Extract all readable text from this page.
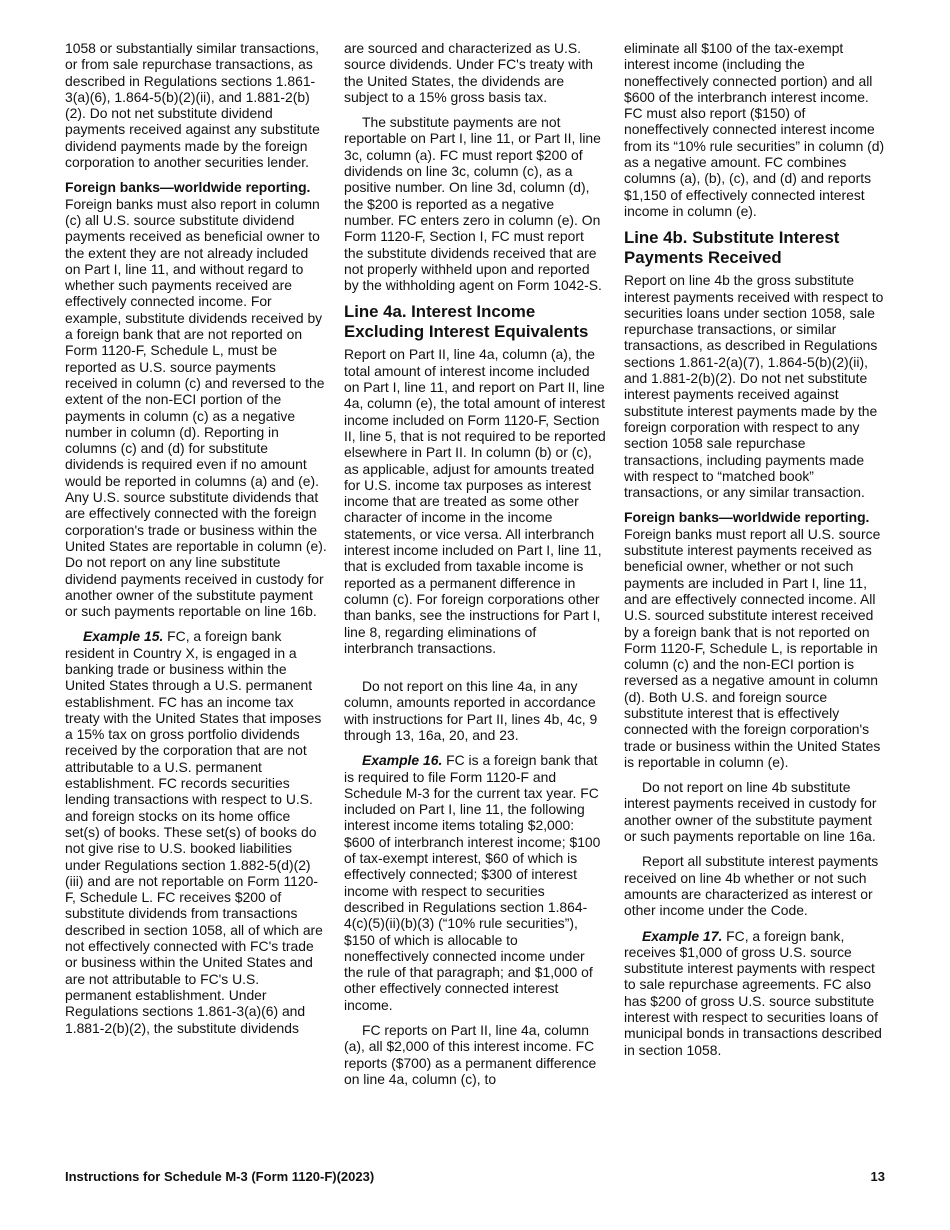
1058 or substantially similar transactions, or from sale repurchase transactions, as described in Regulations sections 1.861-3(a)(6), 1.864-5(b)(2)(ii), and 1.881-2(b)(2). Do not net substitute dividend payments received against any substitute dividend payments made by the foreign corporation to another securities lender.

Foreign banks—worldwide reporting. Foreign banks must also report in column (c) all U.S. source substitute dividend payments received as beneficial owner to the extent they are not already included on Part I, line 11, and without regard to whether such payments received are effectively connected income. For example, substitute dividends received by a foreign bank that are not reported on Form 1120-F, Schedule L, must be reported as U.S. source payments received in column (c) and reversed to the extent of the non-ECI portion of the payments in column (c) as a negative number in column (d). Reporting in columns (c) and (d) for substitute dividends is required even if no amount would be reported in columns (a) and (e). Any U.S. source substitute dividends that are effectively connected with the foreign corporation's trade or business within the United States are reportable in column (e). Do not report on any line substitute dividend payments received in custody for another owner of the substitute payment or such payments reportable on line 16b.

Example 15. FC, a foreign bank resident in Country X, is engaged in a banking trade or business within the United States through a U.S. permanent establishment. FC has an income tax treaty with the United States that imposes a 15% tax on gross portfolio dividends received by the corporation that are not attributable to a U.S. permanent establishment. FC records securities lending transactions with respect to U.S. and foreign stocks on its home office set(s) of books. These set(s) of books do not give rise to U.S. booked liabilities under Regulations section 1.882-5(d)(2)(iii) and are not reportable on Form 1120-F, Schedule L. FC receives $200 of substitute dividends from transactions described in section 1058, all of which are not effectively connected with FC's trade or business within the United States and are not attributable to FC's U.S. permanent establishment. Under Regulations sections 1.861-3(a)(6) and 1.881-2(b)(2), the substitute dividends

are sourced and characterized as U.S. source dividends. Under FC's treaty with the United States, the dividends are subject to a 15% gross basis tax.

The substitute payments are not reportable on Part I, line 11, or Part II, line 3c, column (a). FC must report $200 of dividends on line 3c, column (c), as a positive number. On line 3d, column (d), the $200 is reported as a negative number. FC enters zero in column (e). On Form 1120-F, Section I, FC must report the substitute dividends received that are not properly withheld upon and reported by the withholding agent on Form 1042-S.

Line 4a. Interest Income Excluding Interest Equivalents

Report on Part II, line 4a, column (a), the total amount of interest income included on Part I, line 11, and report on Part II, line 4a, column (e), the total amount of interest income included on Form 1120-F, Section II, line 5, that is not required to be reported elsewhere in Part II. In column (b) or (c), as applicable, adjust for amounts treated for U.S. income tax purposes as interest income that are treated as some other character of income in the income statements, or vice versa. All interbranch interest income included on Part I, line 11, that is excluded from taxable income is reported as a permanent difference in column (c). For foreign corporations other than banks, see the instructions for Part I, line 8, regarding eliminations of interbranch transactions.

Do not report on this line 4a, in any column, amounts reported in accordance with instructions for Part II, lines 4b, 4c, 9 through 13, 16a, 20, and 23.

Example 16. FC is a foreign bank that is required to file Form 1120-F and Schedule M-3 for the current tax year. FC included on Part I, line 11, the following interest income items totaling $2,000: $600 of interbranch interest income; $100 of tax-exempt interest, $60 of which is effectively connected; $300 of interest income with respect to securities described in Regulations section 1.864-4(c)(5)(ii)(b)(3) (“10% rule securities”), $150 of which is allocable to noneffectively connected income under the rule of that paragraph; and $1,000 of other effectively connected interest income.

FC reports on Part II, line 4a, column (a), all $2,000 of this interest income. FC reports ($700) as a permanent difference on line 4a, column (c), to

eliminate all $100 of the tax-exempt interest income (including the noneffectively connected portion) and all $600 of the interbranch interest income. FC must also report ($150) of noneffectively connected interest income from its “10% rule securities” in column (d) as a negative amount. FC combines columns (a), (b), (c), and (d) and reports $1,150 of effectively connected interest income in column (e).

Line 4b. Substitute Interest Payments Received

Report on line 4b the gross substitute interest payments received with respect to securities loans under section 1058, sale repurchase transactions, or similar transactions, as described in Regulations sections 1.861-2(a)(7), 1.864-5(b)(2)(ii), and 1.881-2(b)(2). Do not net substitute interest payments received against substitute interest payments made by the foreign corporation with respect to any section 1058 sale repurchase transactions, including payments made with respect to “matched book” transactions, or any similar transaction.

Foreign banks—worldwide reporting. Foreign banks must report all U.S. source substitute interest payments received as beneficial owner, whether or not such payments are included in Part I, line 11, and are effectively connected income. All U.S. sourced substitute interest received by a foreign bank that is not reported on Form 1120-F, Schedule L, is reportable in column (c) and the non-ECI portion is reversed as a negative amount in column (d). Both U.S. and foreign source substitute interest that is effectively connected with the foreign corporation's trade or business within the United States is reportable in column (e).

Do not report on line 4b substitute interest payments received in custody for another owner of the substitute payment or such payments reportable on line 16a.

Report all substitute interest payments received on line 4b whether or not such amounts are characterized as interest or other income under the Code.

Example 17. FC, a foreign bank, receives $1,000 of gross U.S. source substitute interest payments with respect to sale repurchase agreements. FC also has $200 of gross U.S. source substitute interest with respect to securities loans of municipal bonds in transactions described in section 1058.

Instructions for Schedule M-3 (Form 1120-F)(2023)	13
